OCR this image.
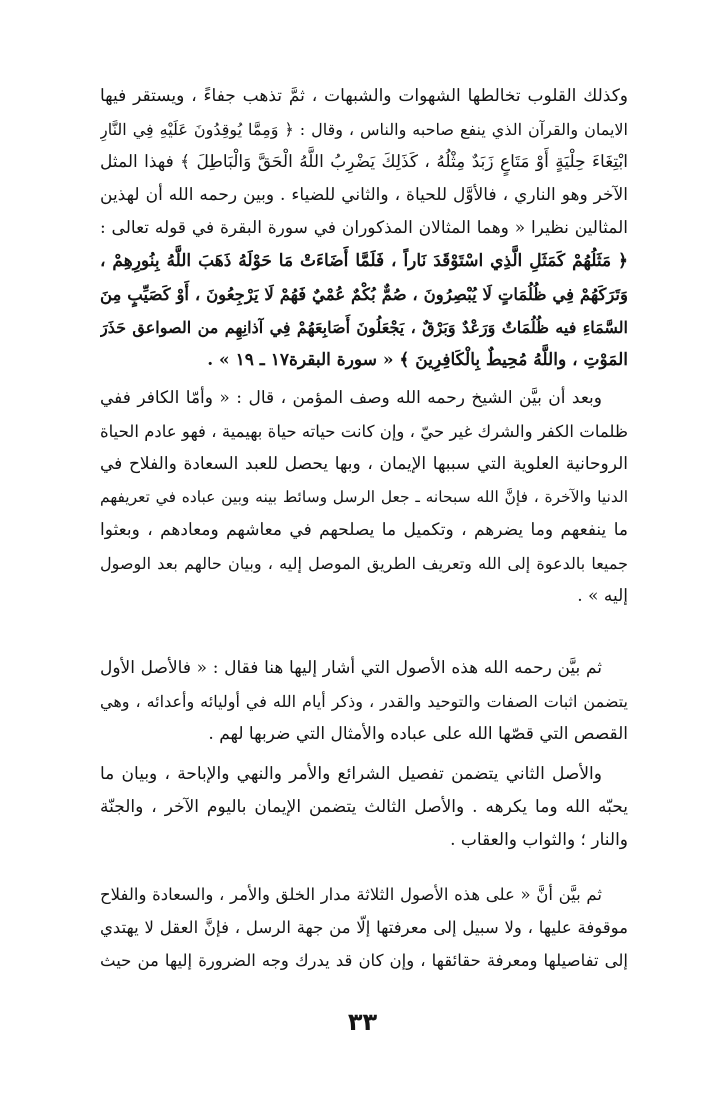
وكذلك القلوب تخالطها الشهوات والشبهات ، ثمَّ تذهب جفاءً ، ويستقر فيها
الايمان والقرآن الذي ينفع صاحبه والناس ، وقال : ﴿ وَمِمَّا يُوقِدُونَ عَلَيْهِ فِي النَّارِ
ابْتِغَاءَ حِلْيَةٍ أَوْ مَتَاعٍ زَبَدٌ مِثْلُهُ ، كَذَلِكَ يَضْرِبُ اللَّهُ الْحَقَّ وَالْبَاطِلَ ﴾ فهذا المثل
الآخر وهو الناري ، فالأوَّل للحياة ، والثاني للضياء . وبين رحمه الله أن لهذين
المثالين نظيرا « وهما المثالان المذكوران في سورة البقرة في قوله تعالى :
﴿ مَثَلُهُمْ كَمَثَلِ الَّذِي اسْتَوْقَدَ نَاراً ، فَلَمَّا أَضَاءَتْ مَا حَوْلَهُ ذَهَبَ اللَّهُ بِنُورِهِمْ ،
وَتَرَكَهُمْ فِي ظُلُمَاتٍ لَا يُبْصِرُونَ ، صُمٌّ بُكْمٌ عُمْيٌ فَهُمْ لَا يَرْجِعُونَ ، أَوْ كَصَيِّبٍ مِنَ
السَّمَاءِ فيه ظُلُمَاتٌ وَرَعْدٌ وَبَرْقٌ ، يَجْعَلُونَ أَصَابِعَهُمْ فِي آذانِهِم من الصواعق حَذَرَ
المَوْتِ ، واللَّهُ مُحِيطٌ بِالْكَافِرِينَ ﴾ « سورة البقرة١٧ ـ ١٩ » .
وبعد أن بيَّن الشيخ رحمه الله وصف المؤمن ، قال : « وأمّا الكافر ففي
ظلمات الكفر والشرك غير حيّ ، وإن كانت حياته حياة بهيمية ، فهو عادم الحياة
الروحانية العلوية التي سببها الإيمان ، وبها يحصل للعبد السعادة والفلاح في
الدنيا والآخرة ، فإنَّ الله سبحانه ـ جعل الرسل وسائط بينه وبين عباده في تعريفهم
ما ينفعهم وما يضرهم ، وتكميل ما يصلحهم في معاشهم ومعادهم ، وبعثوا
جميعا بالدعوة إلى الله وتعريف الطريق الموصل إليه ، وبيان حالهم بعد الوصول
إليه » .
ثم بيَّن رحمه الله هذه الأصول التي أشار إليها هنا فقال : « فالأصل الأول
يتضمن اثبات الصفات والتوحيد والقدر ، وذكر أيام الله في أوليائه وأعدائه ، وهي
القصص التي قصّها الله على عباده والأمثال التي ضربها لهم .
والأصل الثاني يتضمن تفصيل الشرائع والأمر والنهي والإباحة ، وبيان ما
يحبّه الله وما يكرهه . والأصل الثالث يتضمن الإيمان باليوم الآخر ، والجنّة
والنار ؛ والثواب والعقاب .
ثم بيَّن أنَّ « على هذه الأصول الثلاثة مدار الخلق والأمر ، والسعادة والفلاح
موقوفة عليها ، ولا سبيل إلى معرفتها إلّا من جهة الرسل ، فإنَّ العقل لا يهتدي
إلى تفاصيلها ومعرفة حقائقها ، وإن كان قد يدرك وجه الضرورة إليها من حيث
٣٣
